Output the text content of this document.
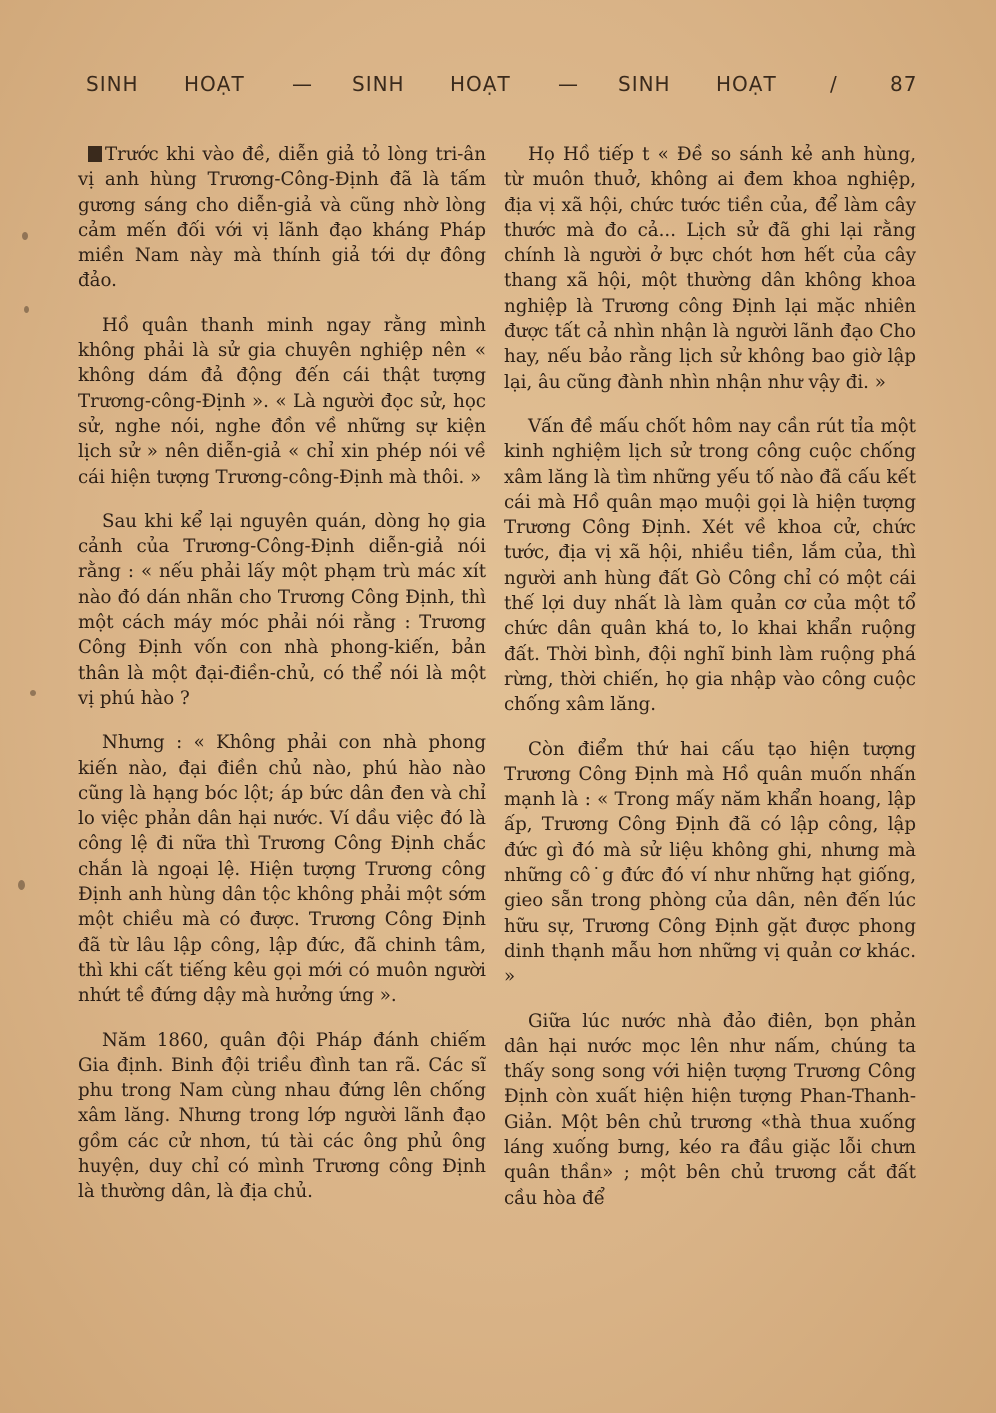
SINH HOẠT — SINH HOẠT — SINH HOẠT	/	87

Trước khi vào đề, diễn giả tỏ lòng tri-ân vị anh hùng Trương-Công-Định đã là tấm gương sáng cho diễn-giả và cũng nhờ lòng cảm mến đối với vị lãnh đạo kháng Pháp miền Nam này mà thính giả tới dự đông đảo.

Hồ quân thanh minh ngay rằng mình không phải là sử gia chuyên nghiệp nên « không dám đả động đến cái thật tượng Trương-công-Định ». « Là người đọc sử, học sử, nghe nói, nghe đồn về những sự kiện lịch sử » nên diễn-giả « chỉ xin phép nói về cái hiện tượng Trương-công-Định mà thôi. »

Sau khi kể lại nguyên quán, dòng họ gia cảnh của Trương-Công-Định diễn-giả nói rằng : « nếu phải lấy một phạm trù mác xít nào đó dán nhãn cho Trương Công Định, thì một cách máy móc phải nói rằng : Trương Công Định vốn con nhà phong-kiến, bản thân là một đại-điền-chủ, có thể nói là một vị phú hào ?

Nhưng : « Không phải con nhà phong kiến nào, đại điền chủ nào, phú hào nào cũng là hạng bóc lột; áp bức dân đen và chỉ lo việc phản dân hại nước. Ví dầu việc đó là công lệ đi nữa thì Trương Công Định chắc chắn là ngoại lệ. Hiện tượng Trương công Định anh hùng dân tộc không phải một sớm một chiều mà có được. Trương Công Định đã từ lâu lập công, lập đức, đã chinh tâm, thì khi cất tiếng kêu gọi mới có muôn người nhứt tề đứng dậy mà hưởng ứng ».

Năm 1860, quân đội Pháp đánh chiếm Gia định. Binh đội triều đình tan rã. Các sĩ phu trong Nam cùng nhau đứng lên chống xâm lăng. Nhưng trong lớp người lãnh đạo gồm các cử nhơn, tú tài các ông phủ ông huyện, duy chỉ có mình Trương công Định là thường dân, là địa chủ.

Họ Hồ tiếp t « Đề so sánh kẻ anh hùng, từ muôn thuở, không ai đem khoa nghiệp, địa vị xã hội, chức tước tiền của, để làm cây thước mà đo cả... Lịch sử đã ghi lại rằng chính là người ở bực chót hơn hết của cây thang xã hội, một thường dân không khoa nghiệp là Trương công Định lại mặc nhiên được tất cả nhìn nhận là người lãnh đạo Cho hay, nếu bảo rằng lịch sử không bao giờ lập lại, âu cũng đành nhìn nhận như vậy đi. »

Vấn đề mấu chốt hôm nay cần rút tỉa một kinh nghiệm lịch sử trong công cuộc chống xâm lăng là tìm những yếu tố nào đã cấu kết cái mà Hồ quân mạo muội gọi là hiện tượng Trương Công Định. Xét về khoa cử, chức tước, địa vị xã hội, nhiều tiền, lắm của, thì người anh hùng đất Gò Công chỉ có một cái thế lợi duy nhất là làm quản cơ của một tổ chức dân quân khá to, lo khai khẩn ruộng đất. Thời bình, đội nghĩ binh làm ruộng phá rừng, thời chiến, họ gia nhập vào công cuộc chống xâm lăng.

Còn điểm thứ hai cấu tạo hiện tượng Trương Công Định mà Hồ quân muốn nhấn mạnh là : « Trong mấy năm khẩn hoang, lập ấp, Trương Công Định đã có lập công, lập đức gì đó mà sử liệu không ghi, nhưng mà những cô˙g đức đó ví như những hạt giống, gieo sẵn trong phòng của dân, nên đến lúc hữu sự, Trương Công Định gặt được phong dinh thạnh mẫu hơn những vị quản cơ khác. »

Giữa lúc nước nhà đảo điên, bọn phản dân hại nước mọc lên như nấm, chúng ta thấy song song với hiện tượng Trương Công Định còn xuất hiện hiện tượng Phan-Thanh-Giản. Một bên chủ trương «thà thua xuống láng xuống bưng, kéo ra đầu giặc lỗi chưn quân thần» ; một bên chủ trương cắt đất cầu hòa để
